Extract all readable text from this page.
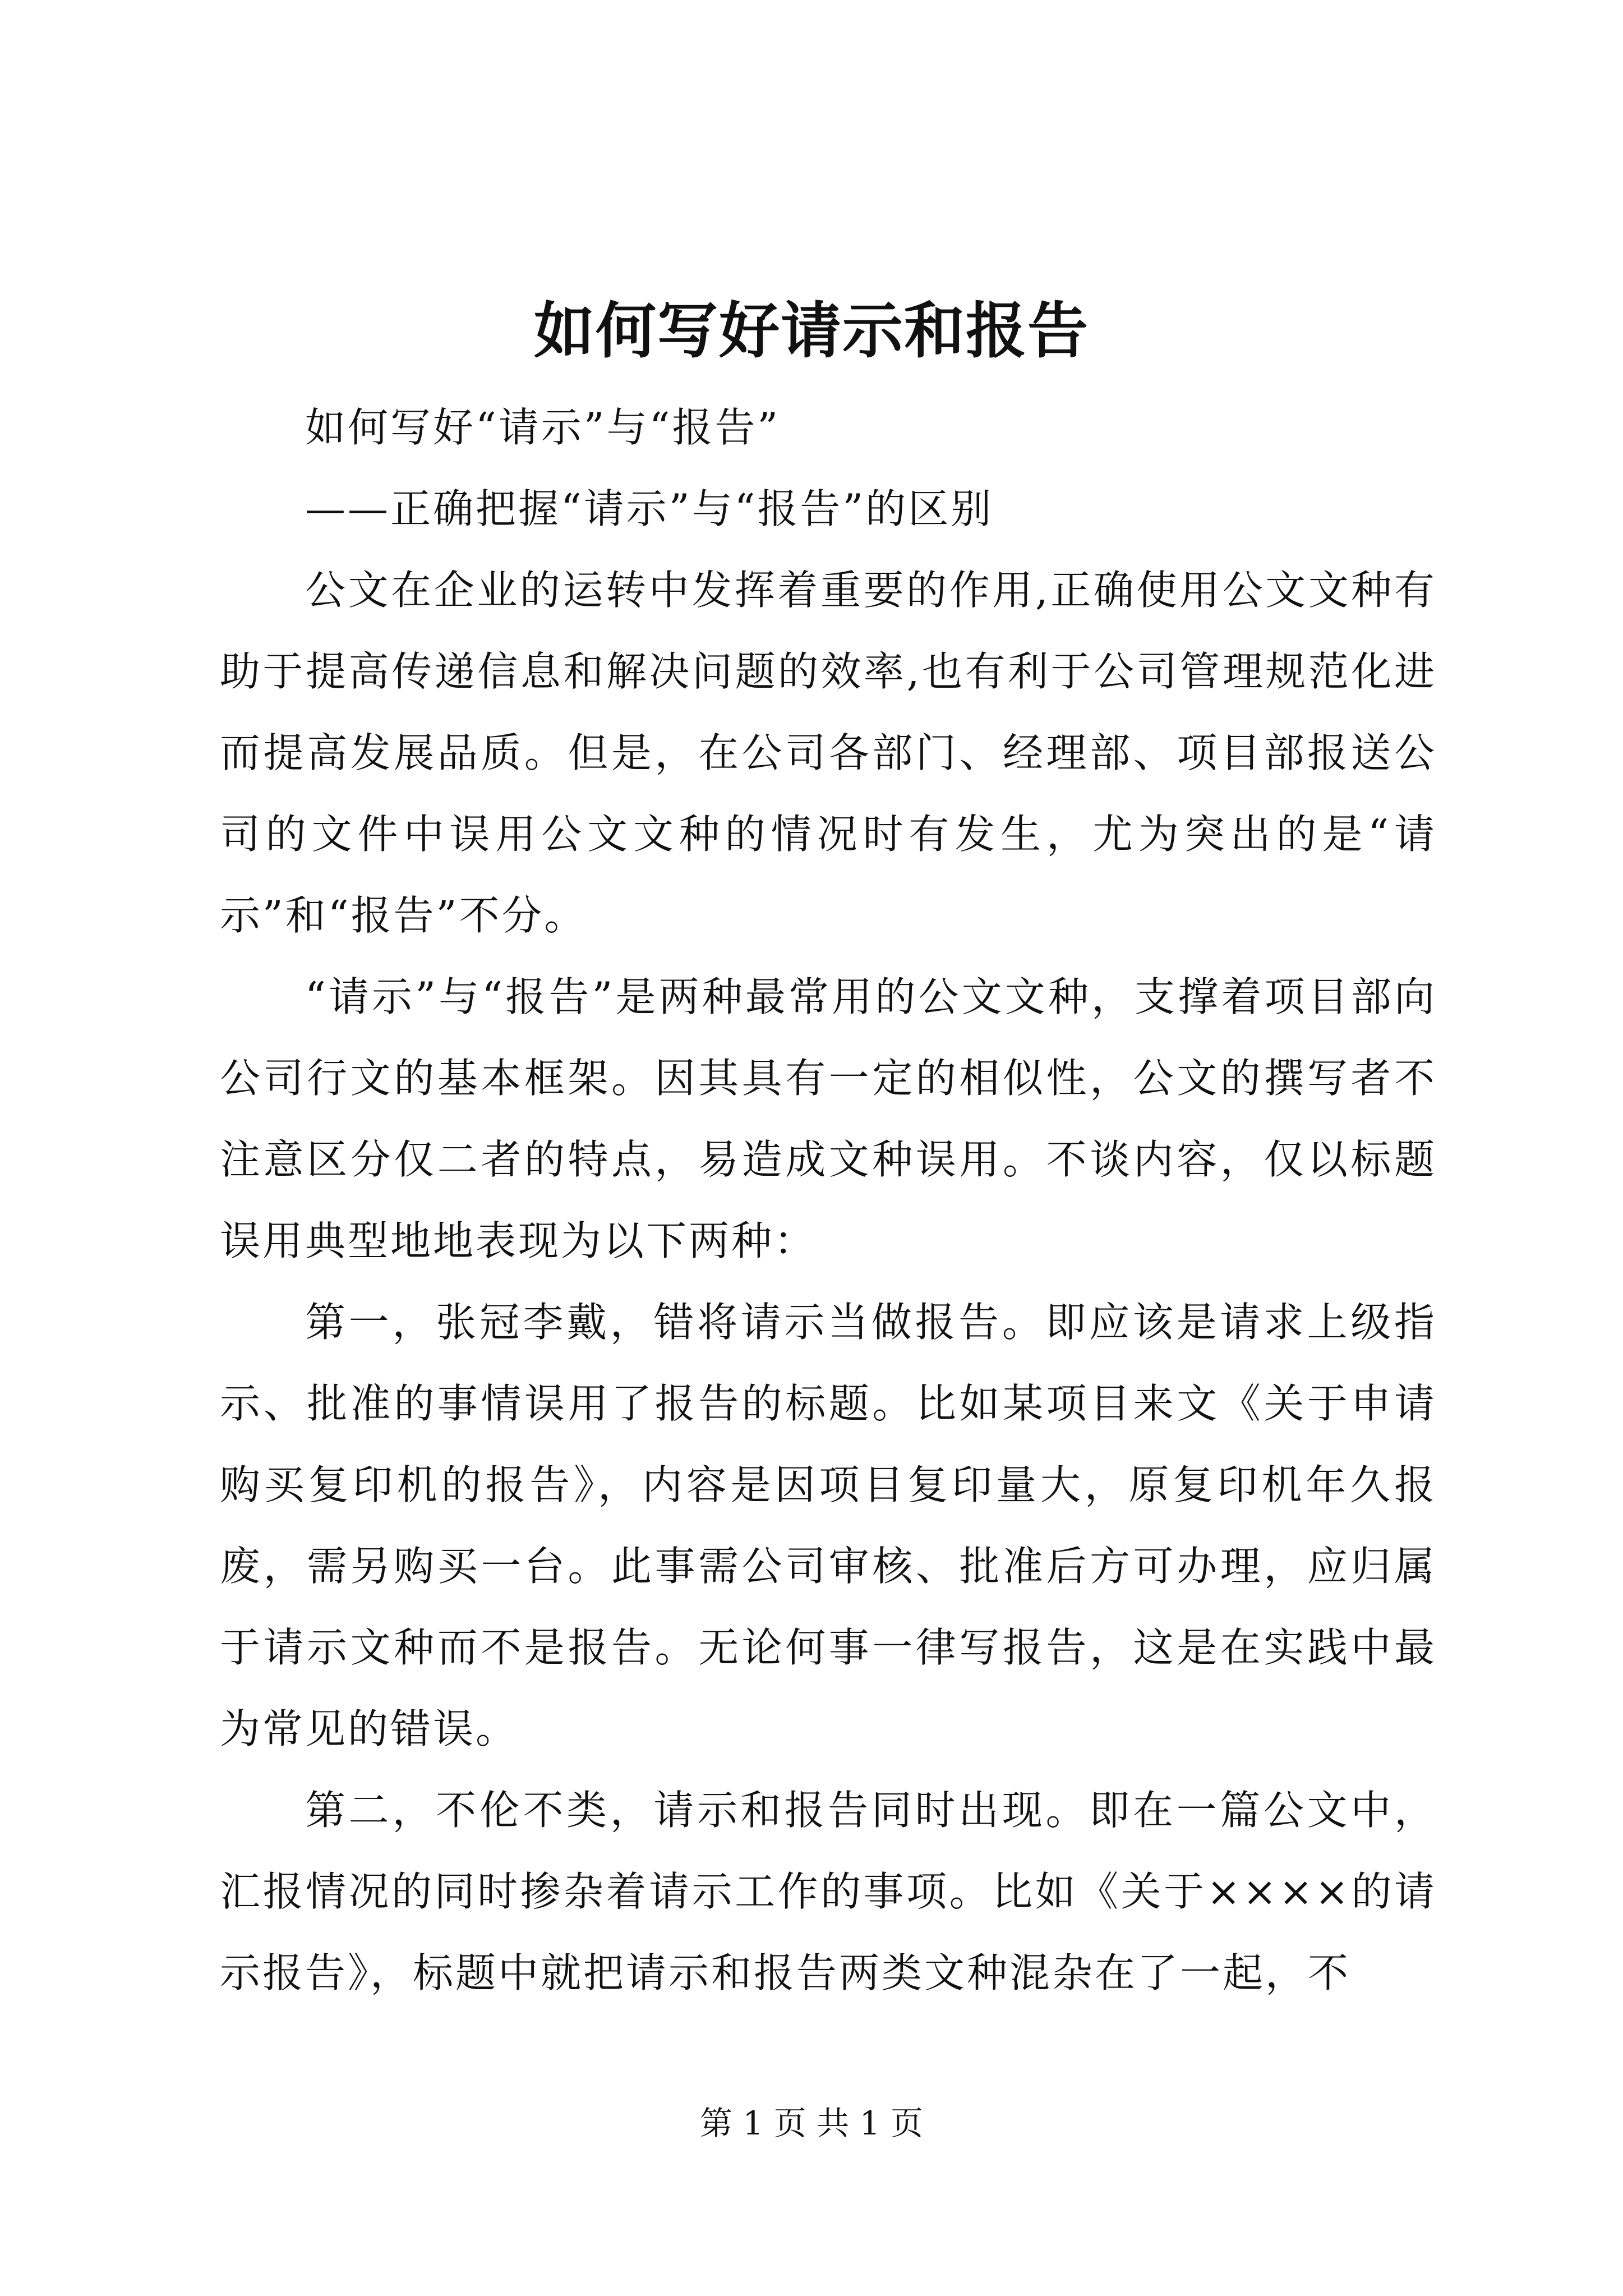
如何写好请示和报告

如何写好“请示”与“报告”

——正确把握“请示”与“报告”的区别

公文在企业的运转中发挥着重要的作用,正确使用公文文种有助于提高传递信息和解决问题的效率,也有利于公司管理规范化进而提高发展品质。但是，在公司各部门、经理部、项目部报送公司的文件中误用公文文种的情况时有发生，尤为突出的是“请示”和“报告”不分。

“请示”与“报告”是两种最常用的公文文种，支撑着项目部向公司行文的基本框架。因其具有一定的相似性，公文的撰写者不注意区分仅二者的特点，易造成文种误用。不谈内容，仅以标题误用典型地地表现为以下两种：

第一，张冠李戴，错将请示当做报告。即应该是请求上级指示、批准的事情误用了报告的标题。比如某项目来文《关于申请购买复印机的报告》，内容是因项目复印量大，原复印机年久报废，需另购买一台。此事需公司审核、批准后方可办理，应归属于请示文种而不是报告。无论何事一律写报告，这是在实践中最为常见的错误。

第二，不伦不类，请示和报告同时出现。即在一篇公文中，汇报情况的同时掺杂着请示工作的事项。比如《关于××××的请示报告》，标题中就把请示和报告两类文种混杂在了一起，不

第 1 页 共 1 页
